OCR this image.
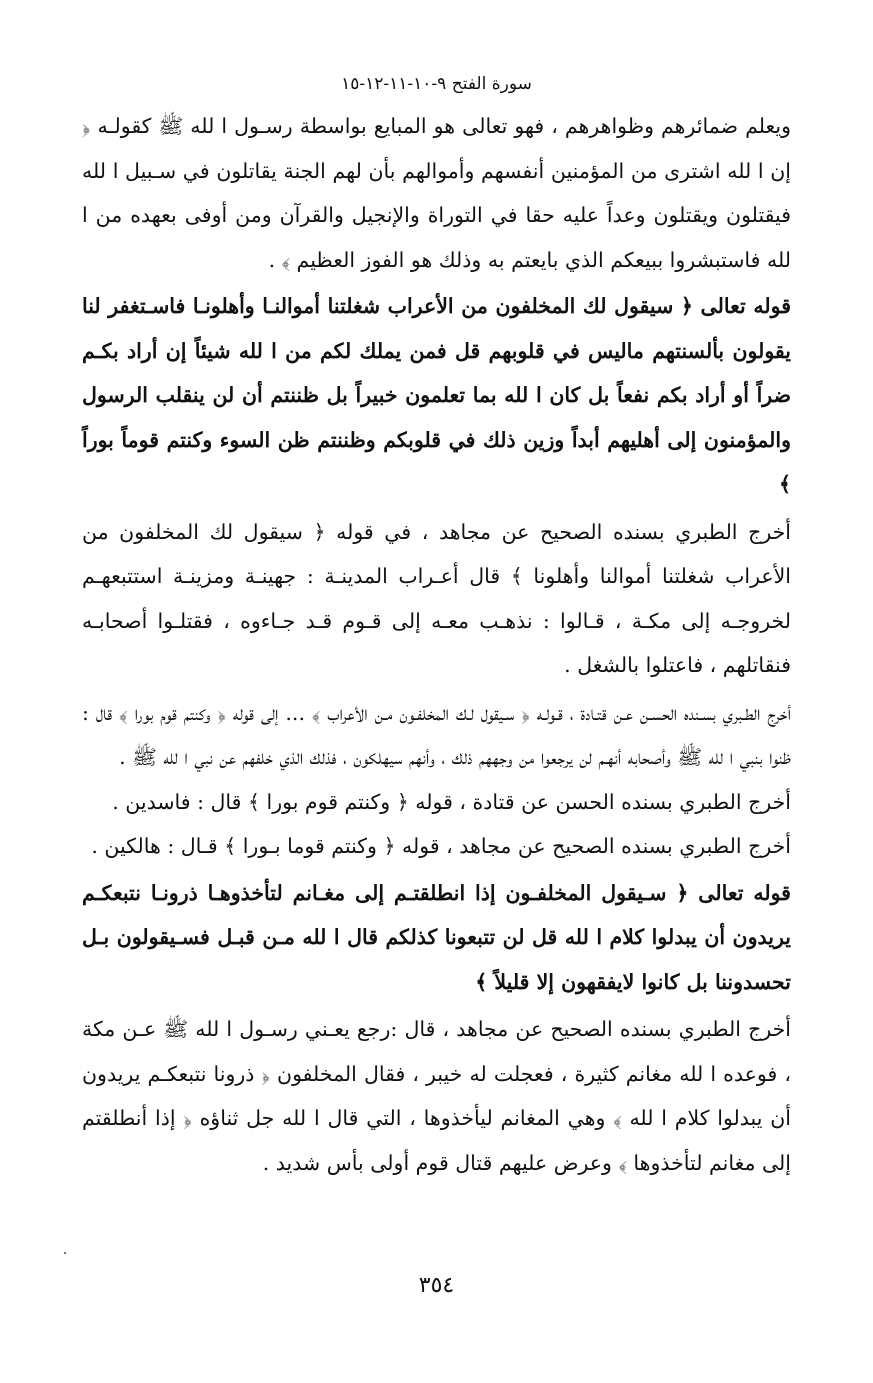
سورة الفتح ٩-١٠-١١-١٢-١٥

ويعلم ضمائرهم وظواهرهم ، فهو تعالى هو المبايع بواسطة رسـول ا لله ﷺ كقولـه ﴿ إن ا لله اشترى من المؤمنين أنفسهم وأموالهم بأن لهم الجنة يقاتلون في سـبيل ا لله فيقتلون ويقتلون وعداً عليه حقا في التوراة والإنجيل والقرآن ومن أوفى بعهده من ا لله فاستبشروا ببيعكم الذي بايعتم به وذلك هو الفوز العظيم ﴾ .

قوله تعالى ﴿ سيقول لك المخلفون من الأعراب شغلتنا أموالنـا وأهلونـا فاسـتغفر لنا يقولون بألسنتهم ماليس في قلوبهم قل فمن يملك لكم من ا لله شيئاً إن أراد بكـم ضراً أو أراد بكم نفعاً بل كان ا لله بما تعلمون خبيراً بل ظننتم أن لن ينقلب الرسول والمؤمنون إلى أهليهم أبداً وزين ذلك في قلوبكم وظننتم ظن السوء وكنتم قوماً بوراً ﴾

أخرج الطبري بسنده الصحيح عن مجاهد ، في قوله ﴿ سيقول لك المخلفون من الأعراب شغلتنا أموالنا وأهلونا ﴾ قال أعـراب المدينـة : جهينـة ومزينـة استتبعهـم لخروجـه إلى مكـة ، قـالوا : نذهـب معـه إلى قـوم قـد جـاءوه ، فقتلـوا أصحابـه فنقاتلهم ، فاعتلوا بالشغل .

أخرج الطـبري بسـنده الحسـن عـن قتـادة ، قـولـه ﴿ سـيقول لـك المخلفـون مـن الأعراب ﴾ ... إلى قوله ﴿ وكنتم قوم بورا ﴾ قال : ظنوا بنبي ا لله ﷺ وأصحابه أنهـم لن يرجعوا من وجههم ذلك ، وأنهم سيهلكون ، فذلك الذي خلفهم عن نبي ا لله ﷺ .

أخرج الطبري بسنده الحسن عن قتادة ، قوله ﴿ وكنتم قوم بورا ﴾ قال : فاسدين .

أخرج الطبري بسنده الصحيح عن مجاهد ، قوله ﴿ وكنتم قوما بـورا ﴾ قـال : هالكين .

قوله تعالى ﴿ سـيقول المخلفـون إذا انطلقتـم إلى مغـانم لتأخذوهـا ذرونـا نتبعكـم يريدون أن يبدلوا كلام ا لله قل لن تتبعونا كذلكم قال ا لله مـن قبـل فسـيقولون بـل تحسدوننا بل كانوا لايفقهون إلا قليلاً ﴾

أخرج الطبري بسنده الصحيح عن مجاهد ، قال :رجع يعـني رسـول ا لله ﷺ عـن مكة ، فوعده ا لله مغانم كثيرة ، فعجلت له خيبر ، فقال المخلفون ﴿ ذرونا نتبعكـم يريدون أن يبدلوا كلام ا لله ﴾ وهي المغانم ليأخذوها ، التي قال ا لله جل ثناؤه ﴿ إذا أنطلقتم إلى مغانم لتأخذوها ﴾ وعرض عليهم قتال قوم أولى بأس شديد .

٣٥٤
